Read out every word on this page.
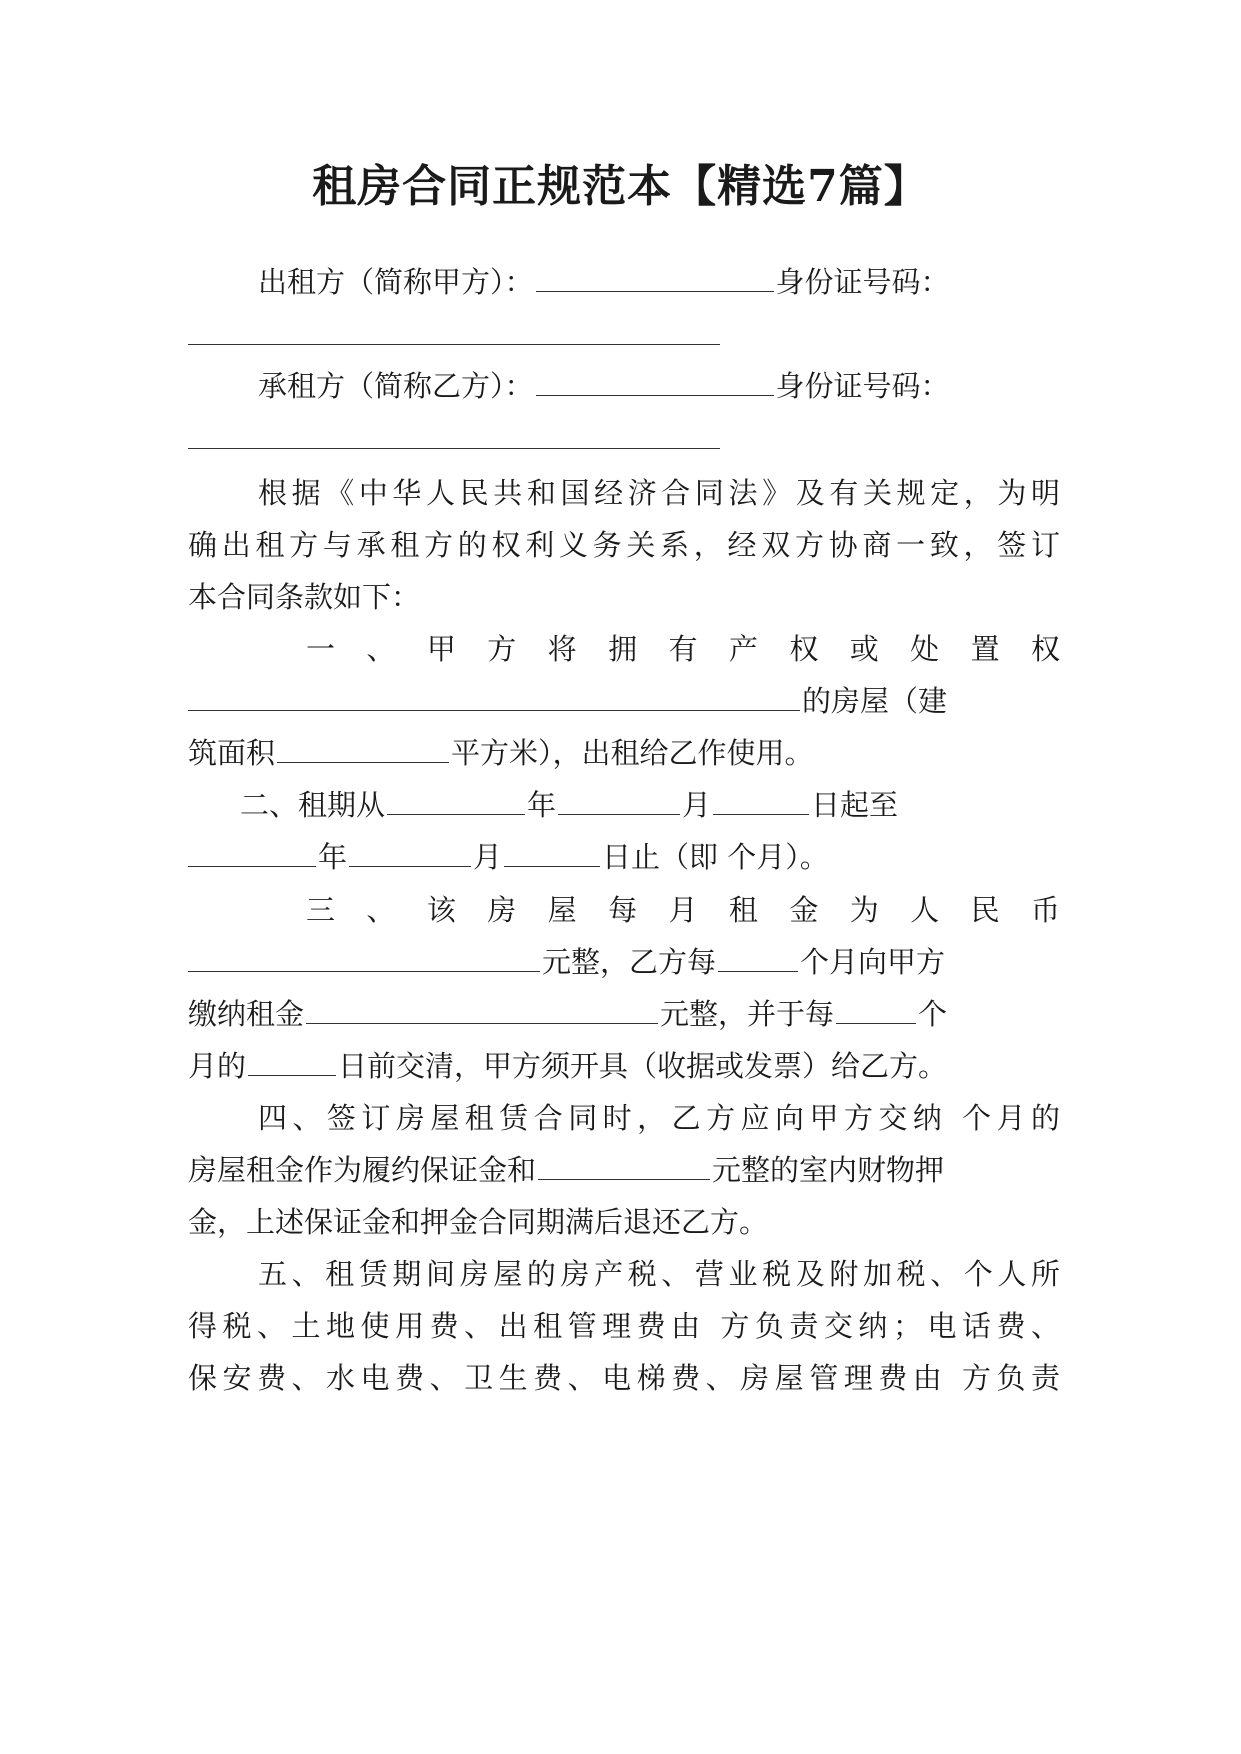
租房合同正规范本【精选7篇】
出租方（简称甲方）：	身份证号码：
承租方（简称乙方）：	身份证号码：
根据《中华人民共和国经济合同法》及有关规定，为明
确出租方与承租方的权利义务关系，经双方协商一致，签订
本合同条款如下：
一、甲方将拥有产权或处置权
的房屋（建
筑面积	平方米），出租给乙作使用。
二、租期从	年	月	日起至
年	月	日止（即 个月）。
三、该房屋每月租金为人民币
元整，乙方每	个月向甲方
缴纳租金	元整，并于每	个
月的	日前交清，甲方须开具（收据或发票）给乙方。
四、签订房屋租赁合同时，乙方应向甲方交纳 个月的
房屋租金作为履约保证金和	元整的室内财物押
金，上述保证金和押金合同期满后退还乙方。
五、租赁期间房屋的房产税、营业税及附加税、个人所
得税、土地使用费、出租管理费由 方负责交纳；电话费、
保安费、水电费、卫生费、电梯费、房屋管理费由 方负责
